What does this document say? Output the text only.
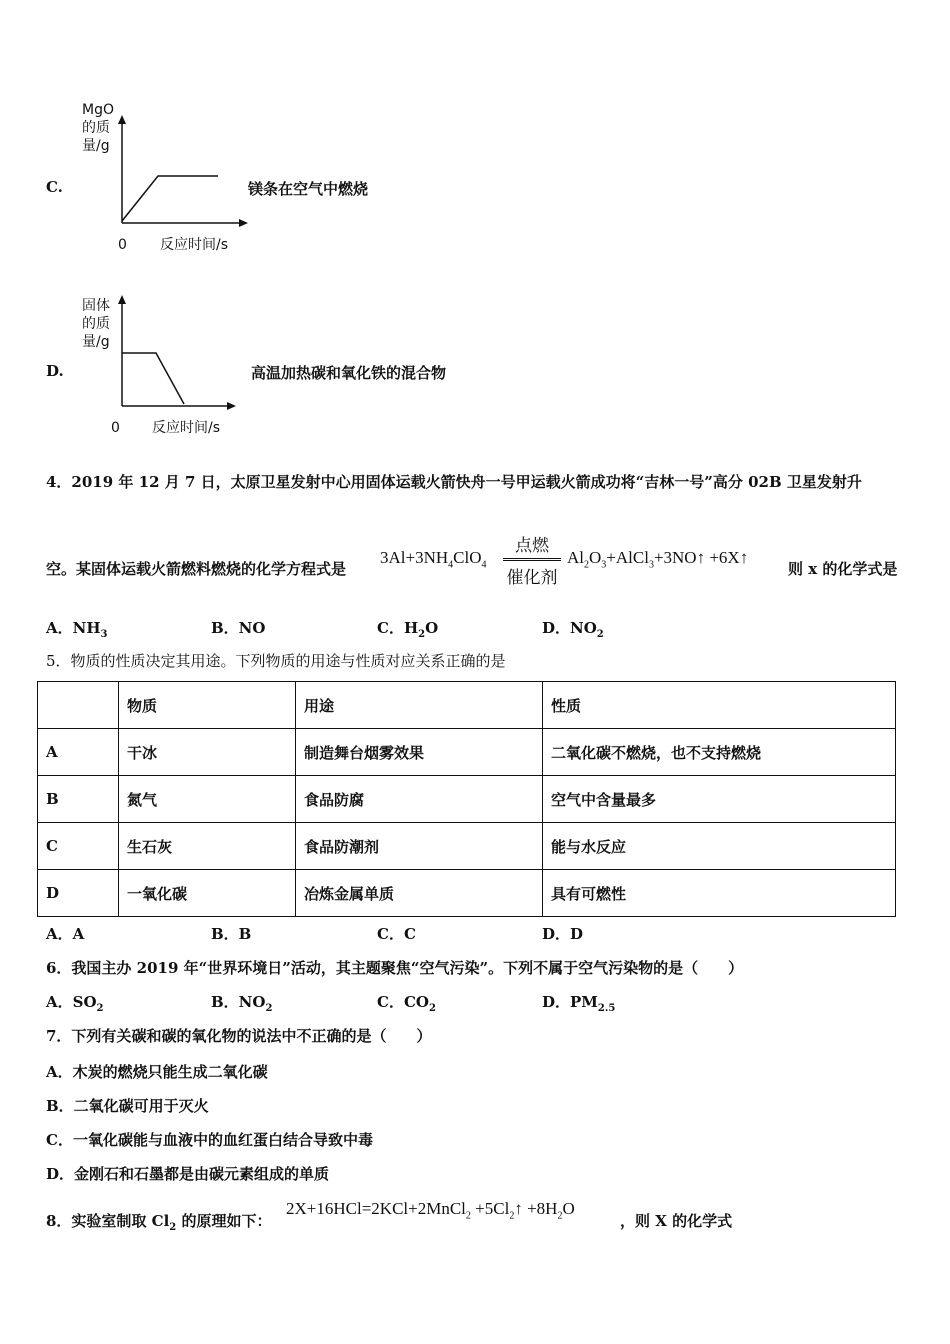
C.
MgO
的质
量/g
0 反应时间/s
镁条在空气中燃烧
D.
固体
的质
量/g
0 反应时间/s
高温加热碳和氧化铁的混合物
4．2019 年 12 月 7 日，太原卫星发射中心用固体运载火箭快舟一号甲运载火箭成功将“吉林一号”高分 02B 卫星发射升
空。某固体运载火箭燃料燃烧的化学方程式是
$3Al+3NH_4ClO_4$
点燃
催化剂
$Al_2O_3+AlCl_3+3NO↑$ +6X↑
则 x 的化学式是
A．$NH_3$	B．NO	C．$H_2O$	D．$NO_2$
5．物质的性质决定其用途。下列物质的用途与性质对应关系正确的是
	物质	用途	性质
A	干冰	制造舞台烟雾效果	二氧化碳不燃烧，也不支持燃烧
B	氮气	食品防腐	空气中含量最多
C	生石灰	食品防潮剂	能与水反应
D	一氧化碳	冶炼金属单质	具有可燃性
A．A	B．B	C．C	D．D
6．我国主办 2019 年“世界环境日”活动，其主题聚焦“空气污染”。下列不属于空气污染物的是（　　）
A．$SO_2$	B．$NO_2$	C．$CO_2$	D．$PM_{2.5}$
7．下列有关碳和碳的氧化物的说法中不正确的是（　　）
A．木炭的燃烧只能生成二氧化碳
B．二氧化碳可用于灭火
C．一氧化碳能与血液中的血红蛋白结合导致中毒
D．金刚石和石墨都是由碳元素组成的单质
8．实验室制取 $Cl_2$ 的原理如下：
2X+16HCl=2KCl+2MnCl$_2$ $+5Cl_2↑ +8H_2O$
，则 X 的化学式
